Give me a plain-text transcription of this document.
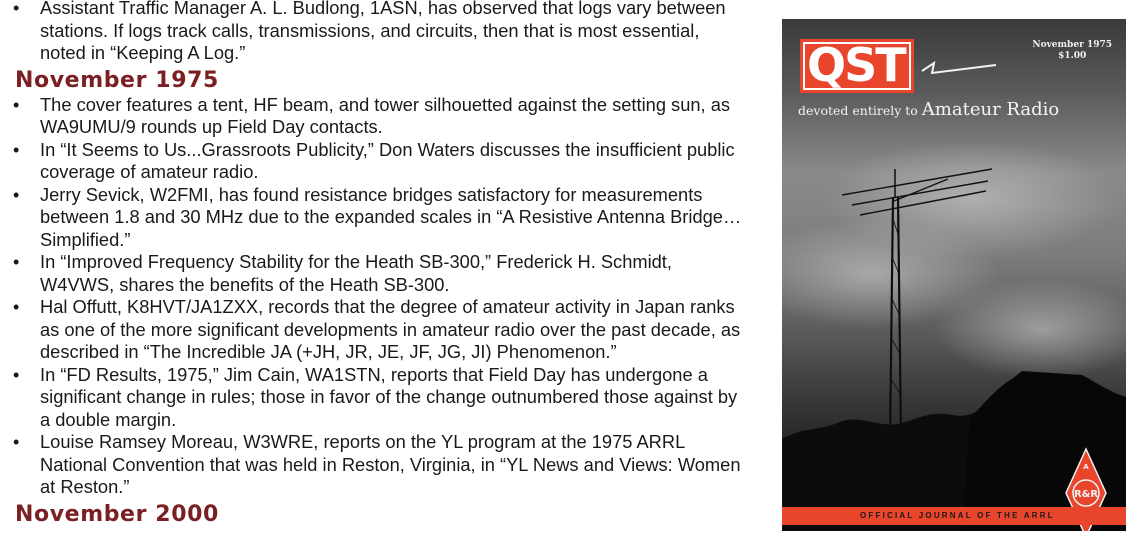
• Assistant Traffic Manager A. L. Budlong, 1ASN, has observed that logs vary between stations. If logs track calls, transmissions, and circuits, then that is most essential, noted in “Keeping A Log.”
November 1975
• The cover features a tent, HF beam, and tower silhouetted against the setting sun, as WA9UMU/9 rounds up Field Day contacts.
• In “It Seems to Us...Grassroots Publicity,” Don Waters discusses the insufficient public coverage of amateur radio.
• Jerry Sevick, W2FMI, has found resistance bridges satisfactory for measurements between 1.8 and 30 MHz due to the expanded scales in “A Resistive Antenna Bridge…Simplified.”
• In “Improved Frequency Stability for the Heath SB-300,” Frederick H. Schmidt, W4VWS, shares the benefits of the Heath SB-300.
• Hal Offutt, K8HVT/JA1ZXX, records that the degree of amateur activity in Japan ranks as one of the more significant developments in amateur radio over the past decade, as described in “The Incredible JA (+JH, JR, JE, JF, JG, JI) Phenomenon.”
• In “FD Results, 1975,” Jim Cain, WA1STN, reports that Field Day has undergone a significant change in rules; those in favor of the change outnumbered those against by a double margin.
• Louise Ramsey Moreau, W3WRE, reports on the YL program at the 1975 ARRL National Convention that was held in Reston, Virginia, in “YL News and Views: Women at Reston.”
November 2000
R&R
A
QST	November 1975
$1.00
devoted entirely to Amateur Radio
OFFICIAL JOURNAL OF THE ARRL
